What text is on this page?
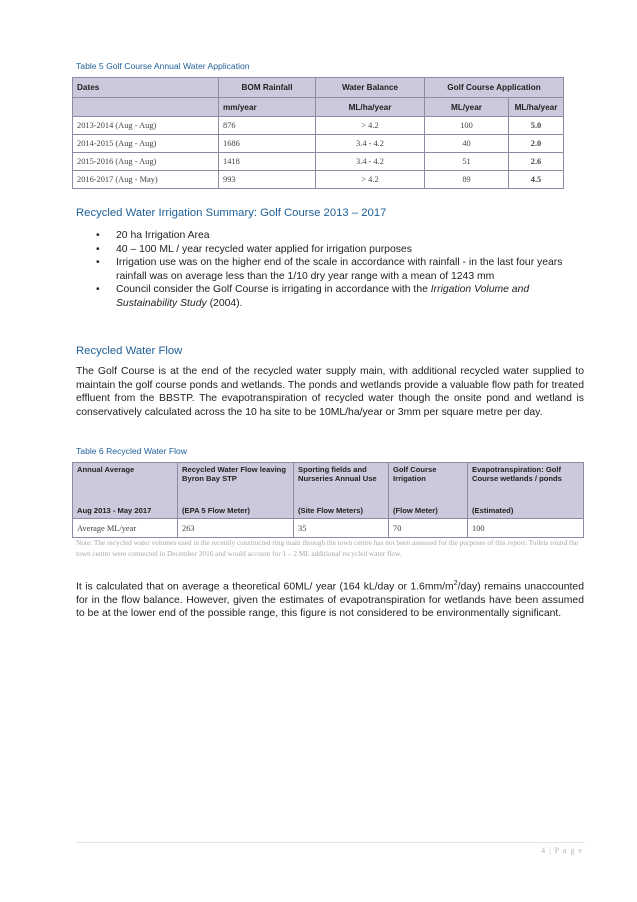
Table 5 Golf Course Annual Water Application
Dates	BOM Rainfall	Water Balance	Golf Course Application	
	mm/year	ML/ha/year	ML/year	ML/ha/year
2013-2014 (Aug - Aug)	876	> 4.2	100	5.0
2014-2015 (Aug - Aug)	1686	3.4 - 4.2	40	2.0
2015-2016 (Aug - Aug)	1418	3.4 - 4.2	51	2.6
2016-2017 (Aug - May)	993	> 4.2	89	4.5
Recycled Water Irrigation Summary: Golf Course 2013 – 2017
• 20 ha Irrigation Area
• 40 – 100 ML / year recycled water applied for irrigation purposes
• Irrigation use was on the higher end of the scale in accordance with rainfall - in the last four years rainfall was on average less than the 1/10 dry year range with a mean of 1243 mm
• Council consider the Golf Course is irrigating in accordance with the Irrigation Volume and Sustainability Study (2004).
Recycled Water Flow
The Golf Course is at the end of the recycled water supply main, with additional recycled water supplied to maintain the golf course ponds and wetlands. The ponds and wetlands provide a valuable flow path for treated effluent from the BBSTP. The evapotranspiration of recycled water though the onsite pond and wetland is conservatively calculated across the 10 ha site to be 10ML/ha/year or 3mm per square metre per day.
Table 6 Recycled Water Flow
Annual Average	Recycled Water Flow leaving Byron Bay STP	Sporting fields and Nurseries Annual Use	Golf Course Irrigation	Evapotranspiration: Golf Course wetlands / ponds
Aug 2013 - May 2017	(EPA 5 Flow Meter)	(Site Flow Meters)	(Flow Meter)	(Estimated)
Average ML/year	263	35	70	100
Note: The recycled water volumes used in the recently constructed ring main through the town centre has not been assessed for the purposes of this report. Toilets round the town centre were connected in December 2016 and would account for 1 – 2 ML additional recycled water flow.
It is calculated that on average a theoretical 60ML/ year (164 kL/day or $1.6mm/m^2/day$) remains unaccounted for in the flow balance. However, given the estimates of evapotranspiration for wetlands have been assumed to be at the lower end of the possible range, this figure is not considered to be environmentally significant.
4 | P a g e
